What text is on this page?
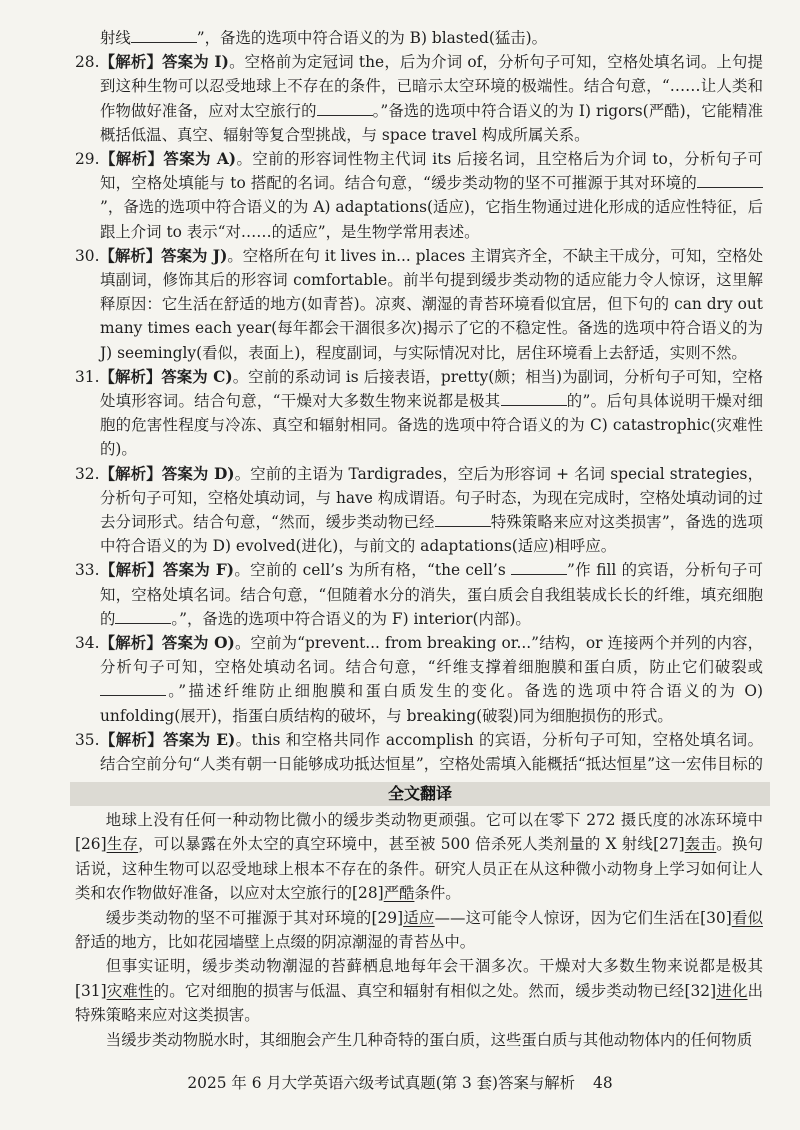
射线	”，备选的选项中符合语义的为 B) blasted(猛击)。
28.【解析】答案为 I)。空格前为定冠词 the，后为介词 of，分析句子可知，空格处填名词。上句提到这种生物可以忍受地球上不存在的条件，已暗示太空环境的极端性。结合句意，“……让人类和作物做好准备，应对太空旅行的	。”备选的选项中符合语义的为 I) rigors(严酷)，它能精准概括低温、真空、辐射等复合型挑战，与 space travel 构成所属关系。
29.【解析】答案为 A)。空前的形容词性物主代词 its 后接名词，且空格后为介词 to，分析句子可知，空格处填能与 to 搭配的名词。结合句意，“缓步类动物的坚不可摧源于其对环境的”，备选的选项中符合语义的为 A) adaptations(适应)，它指生物通过进化形成的适应性特征，后跟上介词 to 表示“对……的适应”，是生物学常用表述。
30.【解析】答案为 J)。空格所在句 it lives in... places 主谓宾齐全，不缺主干成分，可知，空格处填副词，修饰其后的形容词 comfortable。前半句提到缓步类动物的适应能力令人惊讶，这里解释原因：它生活在舒适的地方(如青苔)。凉爽、潮湿的青苔环境看似宜居，但下句的 can dry out many times each year(每年都会干涸很多次)揭示了它的不稳定性。备选的选项中符合语义的为 J) seemingly(看似，表面上)，程度副词，与实际情况对比，居住环境看上去舒适，实则不然。
31.【解析】答案为 C)。空前的系动词 is 后接表语，pretty(颇；相当)为副词，分析句子可知，空格处填形容词。结合句意，“干燥对大多数生物来说都是极其	的”。后句具体说明干燥对细胞的危害性程度与冷冻、真空和辐射相同。备选的选项中符合语义的为 C) catastrophic(灾难性的)。
32.【解析】答案为 D)。空前的主语为 Tardigrades，空后为形容词 + 名词 special strategies，分析句子可知，空格处填动词，与 have 构成谓语。句子时态，为现在完成时，空格处填动词的过去分词形式。结合句意，“然而，缓步类动物已经	特殊策略来应对这类损害”，备选的选项中符合语义的为 D) evolved(进化)，与前文的 adaptations(适应)相呼应。
33.【解析】答案为 F)。空前的 cell’s 为所有格，“the cell’s	”作 fill 的宾语，分析句子可知，空格处填名词。结合句意，“但随着水分的消失，蛋白质会自我组装成长长的纤维，填充细胞的	。”，备选的选项中符合语义的为 F) interior(内部)。
34.【解析】答案为 O)。空前为“prevent... from breaking or...”结构，or 连接两个并列的内容，分析句子可知，空格处填动名词。结合句意，“纤维支撑着细胞膜和蛋白质，防止它们破裂或。”描述纤维防止细胞膜和蛋白质发生的变化。备选的选项中符合语义的为 O) unfolding(展开)，指蛋白质结构的破坏，与 breaking(破裂)同为细胞损伤的形式。
35.【解析】答案为 E)。this 和空格共同作 accomplish 的宾语，分析句子可知，空格处填名词。结合空前分句“人类有朝一日能够成功抵达恒星”，空格处需填入能概括“抵达恒星”这一宏伟目标的
全文翻译

地球上没有任何一种动物比微小的缓步类动物更顽强。它可以在零下 272 摄氏度的冰冻环境中[26]生存，可以暴露在外太空的真空环境中，甚至被 500 倍杀死人类剂量的 X 射线[27]轰击。换句话说，这种生物可以忍受地球上根本不存在的条件。研究人员正在从这种微小动物身上学习如何让人类和农作物做好准备，以应对太空旅行的[28]严酷条件。

缓步类动物的坚不可摧源于其对环境的[29]适应——这可能令人惊讶，因为它们生活在[30]看似舒适的地方，比如花园墙壁上点缀的阴凉潮湿的青苔丛中。

但事实证明，缓步类动物潮湿的苔藓栖息地每年会干涸多次。干燥对大多数生物来说都是极其[31]灾难性的。它对细胞的损害与低温、真空和辐射有相似之处。然而，缓步类动物已经[32]进化出特殊策略来应对这类损害。

当缓步类动物脱水时，其细胞会产生几种奇特的蛋白质，这些蛋白质与其他动物体内的任何物质

2025 年 6 月大学英语六级考试真题(第 3 套)答案与解析 48
